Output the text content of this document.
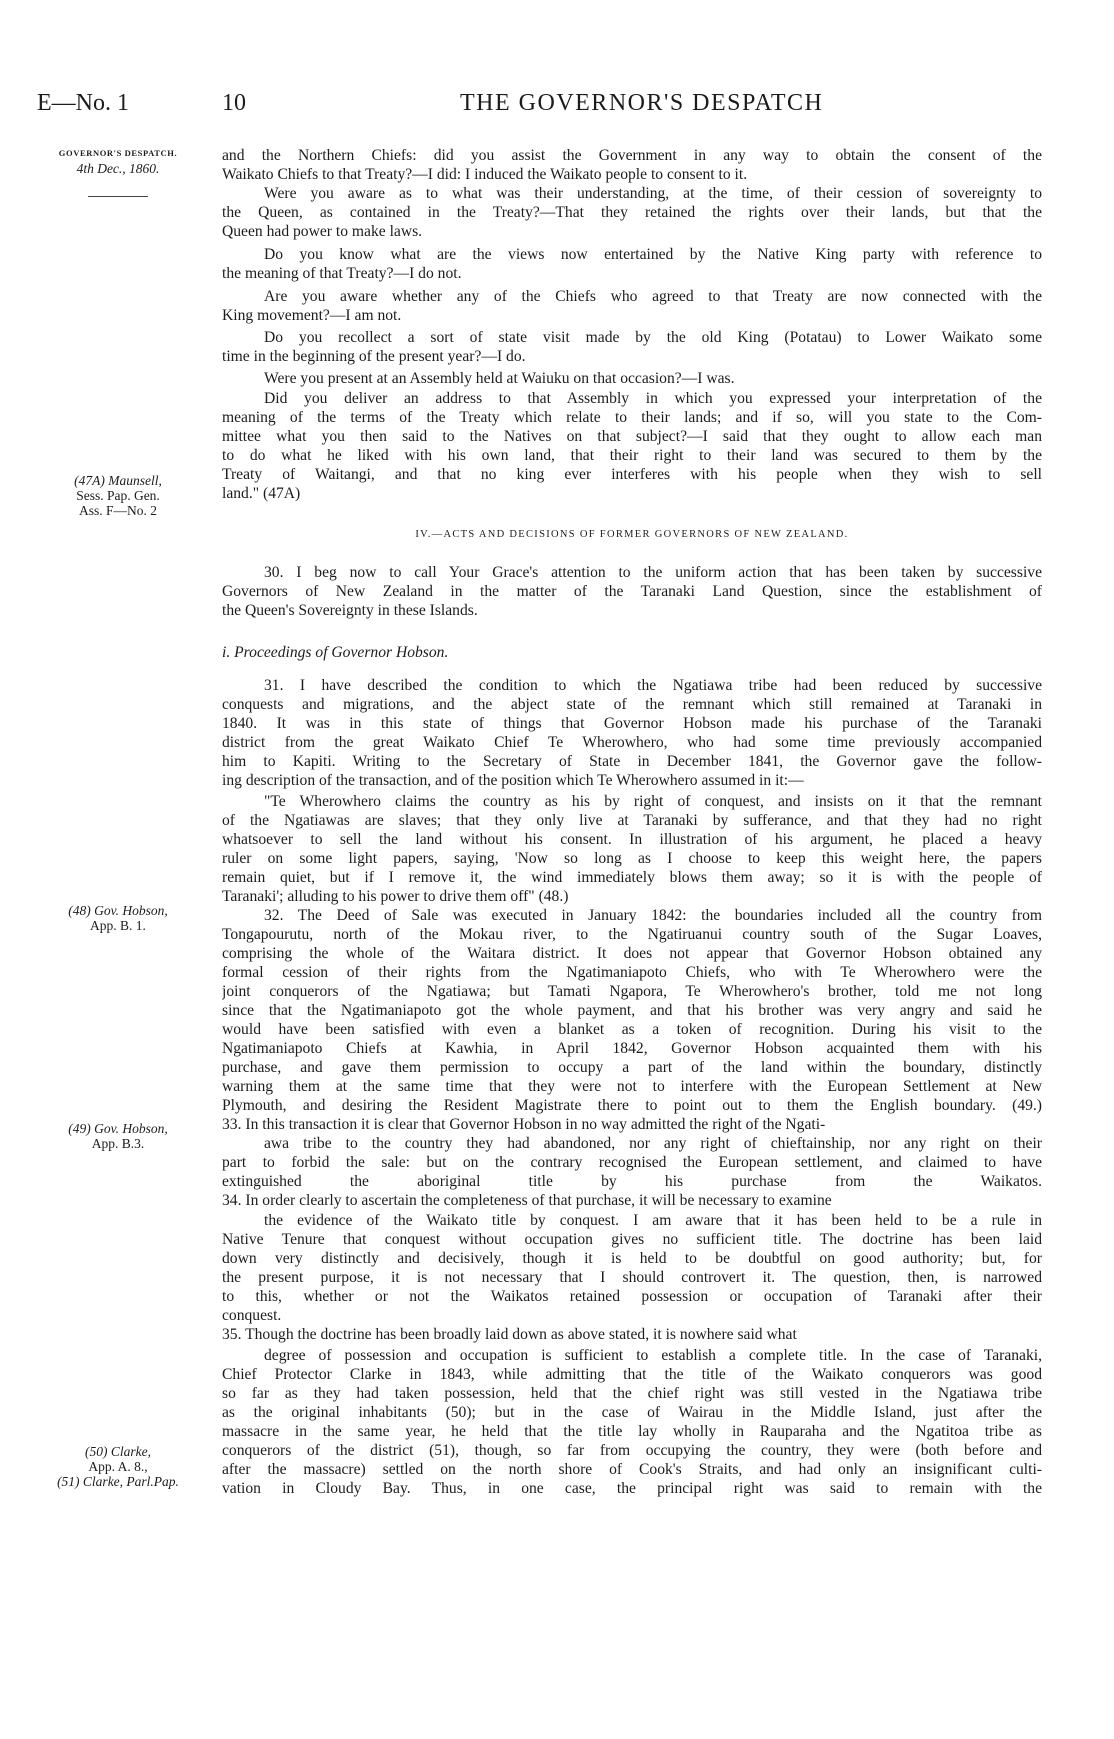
E—No. 1	10	THE GOVERNOR'S DESPATCH
GOVERNOR'S DESPATCH.
4th Dec., 1860.
(47A) Maunsell,
Sess. Pap. Gen.
Ass. F—No. 2
(48) Gov. Hobson,
App. B. 1.
(49) Gov. Hobson,
App. B.3.
(50) Clarke,
App. A. 8.,
(51) Clarke, Parl.Pap.
and the Northern Chiefs: did you assist the Government in any way to obtain the consent of the
Waikato Chiefs to that Treaty?—I did: I induced the Waikato people to consent to it.
Were you aware as to what was their understanding, at the time, of their cession of sovereignty to
the Queen, as contained in the Treaty?—That they retained the rights over their lands, but that the
Queen had power to make laws.
Do you know what are the views now entertained by the Native King party with reference to
the meaning of that Treaty?—I do not.
Are you aware whether any of the Chiefs who agreed to that Treaty are now connected with the
King movement?—I am not.
Do you recollect a sort of state visit made by the old King (Potatau) to Lower Waikato some
time in the beginning of the present year?—I do.
Were you present at an Assembly held at Waiuku on that occasion?—I was.
Did you deliver an address to that Assembly in which you expressed your interpretation of the
meaning of the terms of the Treaty which relate to their lands; and if so, will you state to the Com-
mittee what you then said to the Natives on that subject?—I said that they ought to allow each man
to do what he liked with his own land, that their right to their land was secured to them by the
Treaty of Waitangi, and that no king ever interferes with his people when they wish to sell
land." (47A)
IV.—ACTS AND DECISIONS OF FORMER GOVERNORS OF NEW ZEALAND.
30. I beg now to call Your Grace's attention to the uniform action that has been taken by successive
Governors of New Zealand in the matter of the Taranaki Land Question, since the establishment of
the Queen's Sovereignty in these Islands.
i. Proceedings of Governor Hobson.
31. I have described the condition to which the Ngatiawa tribe had been reduced by successive
conquests and migrations, and the abject state of the remnant which still remained at Taranaki in
1840. It was in this state of things that Governor Hobson made his purchase of the Taranaki
district from the great Waikato Chief Te Wherowhero, who had some time previously accompanied
him to Kapiti. Writing to the Secretary of State in December 1841, the Governor gave the follow-
ing description of the transaction, and of the position which Te Wherowhero assumed in it:—
"Te Wherowhero claims the country as his by right of conquest, and insists on it that the remnant
of the Ngatiawas are slaves; that they only live at Taranaki by sufferance, and that they had no right
whatsoever to sell the land without his consent. In illustration of his argument, he placed a heavy
ruler on some light papers, saying, 'Now so long as I choose to keep this weight here, the papers
remain quiet, but if I remove it, the wind immediately blows them away; so it is with the people of
Taranaki'; alluding to his power to drive them off" (48.)
32. The Deed of Sale was executed in January 1842: the boundaries included all the country from
Tongapourutu, north of the Mokau river, to the Ngatiruanui country south of the Sugar Loaves,
comprising the whole of the Waitara district. It does not appear that Governor Hobson obtained any
formal cession of their rights from the Ngatimaniapoto Chiefs, who with Te Wherowhero were the
joint conquerors of the Ngatiawa; but Tamati Ngapora, Te Wherowhero's brother, told me not long
since that the Ngatimaniapoto got the whole payment, and that his brother was very angry and said he
would have been satisfied with even a blanket as a token of recognition. During his visit to the
Ngatimaniapoto Chiefs at Kawhia, in April 1842, Governor Hobson acquainted them with his
purchase, and gave them permission to occupy a part of the land within the boundary, distinctly
warning them at the same time that they were not to interfere with the European Settlement at New
Plymouth, and desiring the Resident Magistrate there to point out to them the English boundary. (49.)
33. In this transaction it is clear that Governor Hobson in no way admitted the right of the Ngati-
awa tribe to the country they had abandoned, nor any right of chieftainship, nor any right on their
part to forbid the sale: but on the contrary recognised the European settlement, and claimed to have
extinguished the aboriginal title by his purchase from the Waikatos.
34. In order clearly to ascertain the completeness of that purchase, it will be necessary to examine
the evidence of the Waikato title by conquest. I am aware that it has been held to be a rule in
Native Tenure that conquest without occupation gives no sufficient title. The doctrine has been laid
down very distinctly and decisively, though it is held to be doubtful on good authority; but, for
the present purpose, it is not necessary that I should controvert it. The question, then, is narrowed
to this, whether or not the Waikatos retained possession or occupation of Taranaki after their
conquest.
35. Though the doctrine has been broadly laid down as above stated, it is nowhere said what
degree of possession and occupation is sufficient to establish a complete title. In the case of Taranaki,
Chief Protector Clarke in 1843, while admitting that the title of the Waikato conquerors was good
so far as they had taken possession, held that the chief right was still vested in the Ngatiawa tribe
as the original inhabitants (50); but in the case of Wairau in the Middle Island, just after the
massacre in the same year, he held that the title lay wholly in Rauparaha and the Ngatitoa tribe as
conquerors of the district (51), though, so far from occupying the country, they were (both before and
after the massacre) settled on the north shore of Cook's Straits, and had only an insignificant culti-
vation in Cloudy Bay. Thus, in one case, the principal right was said to remain with the
